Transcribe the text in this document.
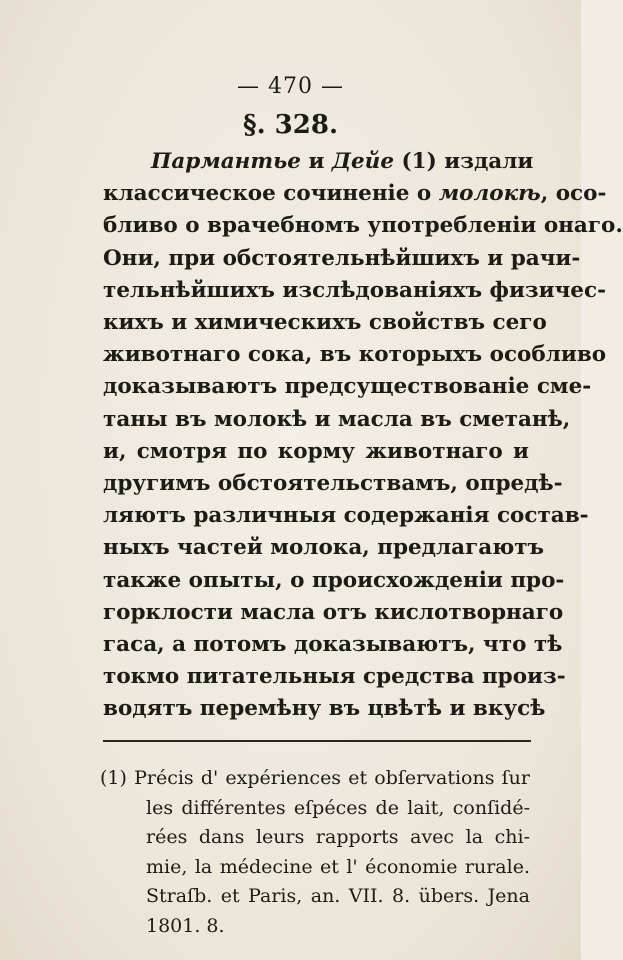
— 470 —
§. 328.
Пармантье и Дейе (1) издали
классическое сочиненіе о молокѣ, осо-
бливо о врачебномъ употребленіи онаго.
Они, при обстоятельнѣйшихъ и рачи-
тельнѣйшихъ изслѣдованіяхъ физичес-
кихъ и химическихъ свойствъ сего
животнаго сока, въ которыхъ особливо
доказываютъ предсуществованіе сме-
таны въ молокѣ и масла въ сметанѣ,
и, смотря по корму животнаго и
другимъ обстоятельствамъ, опредѣ-
ляютъ различныя содержанія состав-
ныхъ частей молока, предлагаютъ
также опыты, о происхожденіи про-
горклости масла отъ кислотворнаго
гаса, а потомъ доказываютъ, что тѣ
токмо питательныя средства произ-
водятъ перемѣну въ цвѣтѣ и вкусѣ
(1) Précis d' expériences et obſervations ſur
les différentes eſpéces de lait, conſidé-
rées dans leurs rapports avec la chi-
mie, la médecine et l' économie rurale.
Straſb. et Paris, an. VII. 8. übers. Jena
1801. 8.
